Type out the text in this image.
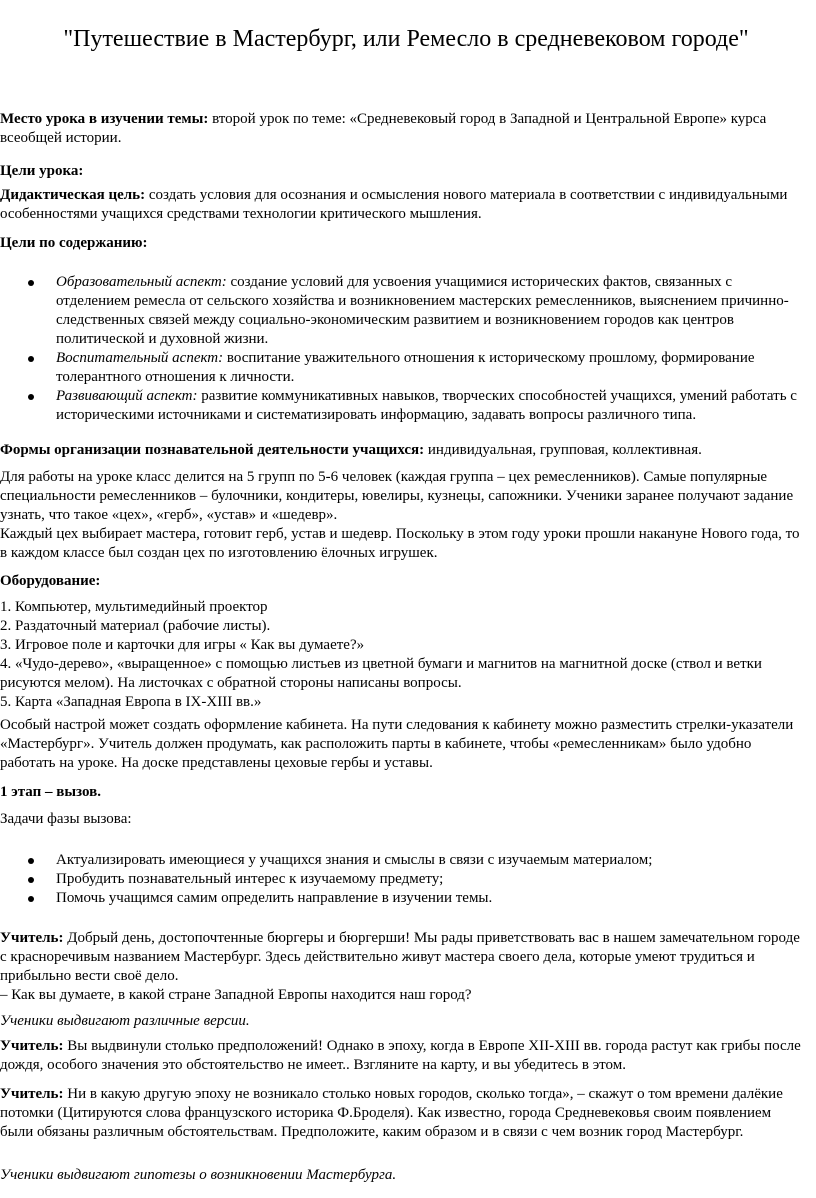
"Путешествие в Мастербург, или Ремесло в средневековом городе"

Место урока в изучении темы: второй урок по теме: «Средневековый город в Западной и Центральной Европе» курса всеобщей истории.

Цели урока:

Дидактическая цель: создать условия для осознания и осмысления нового материала в соответствии с индивидуальными особенностями учащихся средствами технологии критического мышления.

Цели по содержанию:

Образовательный аспект: создание условий для усвоения учащимися исторических фактов, связанных с отделением ремесла от сельского хозяйства и возникновением мастерских ремесленников, выяснением причинно-следственных связей между социально-экономическим развитием и возникновением городов как центров политической и духовной жизни.
Воспитательный аспект: воспитание уважительного отношения к историческому прошлому, формирование толерантного отношения к личности.
Развивающий аспект: развитие коммуникативных навыков, творческих способностей учащихся, умений работать с историческими источниками и систематизировать информацию, задавать вопросы различного типа.

Формы организации познавательной деятельности учащихся: индивидуальная, групповая, коллективная.

Для работы на уроке класс делится на 5 групп по 5-6 человек (каждая группа – цех ремесленников). Самые популярные специальности ремесленников – булочники, кондитеры, ювелиры, кузнецы, сапожники. Ученики заранее получают задание узнать, что такое «цех», «герб», «устав» и «шедевр».

Каждый цех выбирает мастера, готовит герб, устав и шедевр. Поскольку в этом году уроки прошли накануне Нового года, то в каждом классе был создан цех по изготовлению ёлочных игрушек.

Оборудование:

1. Компьютер, мультимедийный проектор

2. Раздаточный материал (рабочие листы).

3. Игровое поле и карточки для игры « Как вы думаете?»

4. «Чудо-дерево», «выращенное» с помощью листьев из цветной бумаги и магнитов на магнитной доске (ствол и ветки рисуются мелом). На листочках с обратной стороны написаны вопросы.

5. Карта «Западная Европа в IX-XIII вв.»

Особый настрой может создать оформление кабинета. На пути следования к кабинету можно разместить стрелки-указатели «Мастербург». Учитель должен продумать, как расположить парты в кабинете, чтобы «ремесленникам» было удобно работать на уроке. На доске представлены цеховые гербы и уставы.

1 этап – вызов.

Задачи фазы вызова:

Актуализировать имеющиеся у учащихся знания и смыслы в связи с изучаемым материалом;
Пробудить познавательный интерес к изучаемому предмету;
Помочь учащимся самим определить направление в изучении темы.

Учитель: Добрый день, достопочтенные бюргеры и бюргерши! Мы рады приветствовать вас в нашем замечательном городе с красноречивым названием Мастербург. Здесь действительно живут мастера своего дела, которые умеют трудиться и прибыльно вести своё дело.

– Как вы думаете, в какой стране Западной Европы находится наш город?

Ученики выдвигают различные версии.

Учитель: Вы выдвинули столько предположений! Однако в эпоху, когда в Европе XII-XIII вв. города растут как грибы после дождя, особого значения это обстоятельство не имеет.. Взгляните на карту, и вы убедитесь в этом.

Учитель: Ни в какую другую эпоху не возникало столько новых городов, сколько тогда», – скажут о том времени далёкие потомки (Цитируются слова французского историка Ф.Броделя). Как известно, города Средневековья своим появлением были обязаны различным обстоятельствам. Предположите, каким образом и в связи с чем возник город Мастербург.

Ученики выдвигают гипотезы о возникновении Мастербурга.
